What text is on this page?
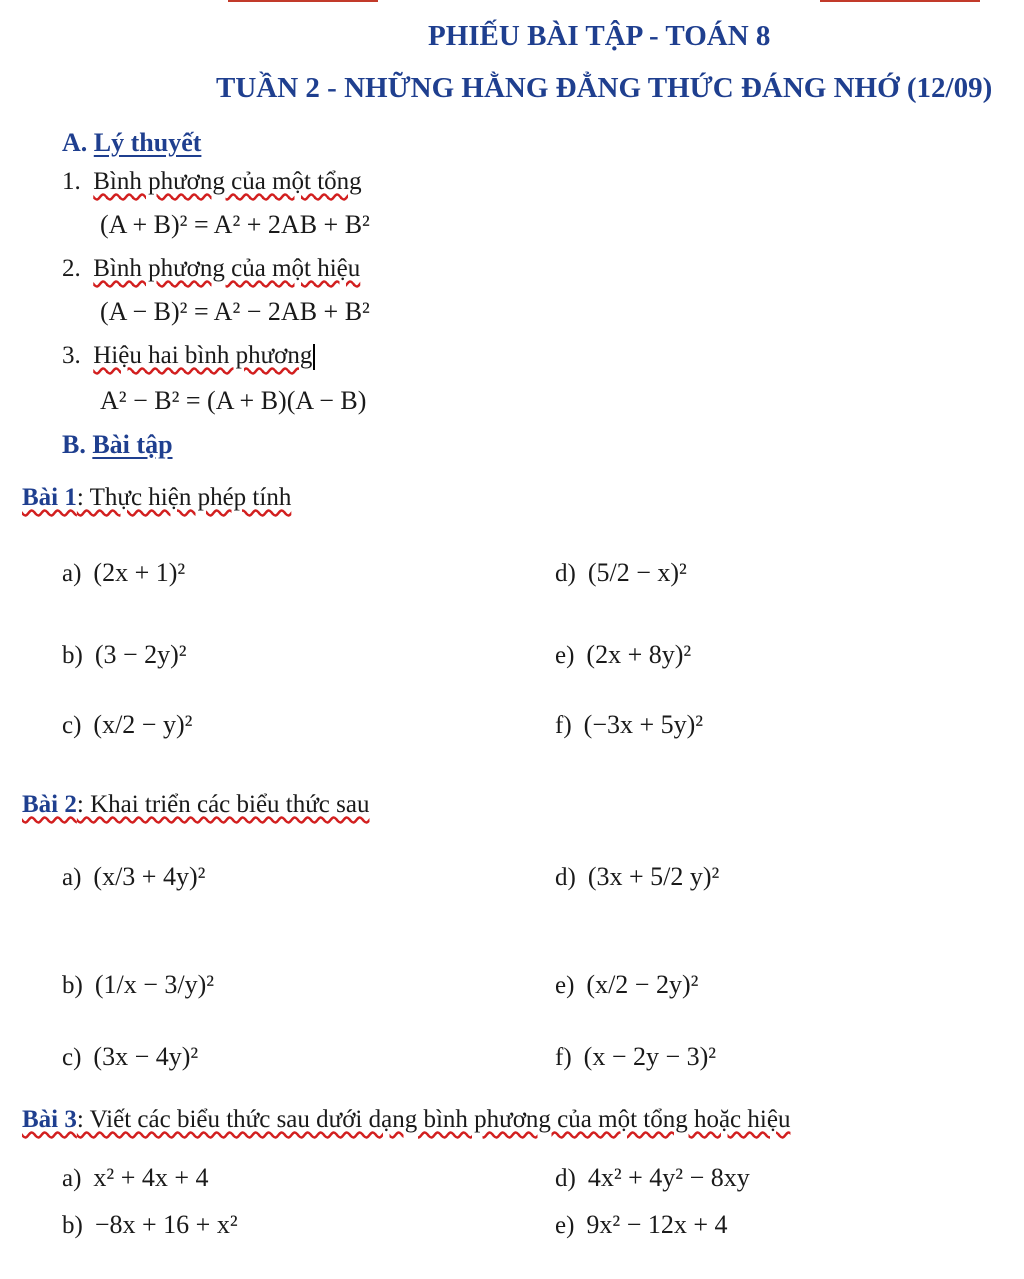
PHIẾU BÀI TẬP - TOÁN 8
TUẦN 2 - NHỮNG HẰNG ĐẲNG THỨC ĐÁNG NHỚ (12/09)
A. Lý thuyết
1. Bình phương của một tổng
(A + B)² = A² + 2AB + B²
2. Bình phương của một hiệu
(A − B)² = A² − 2AB + B²
3. Hiệu hai bình phương
A² − B² = (A + B)(A − B)
B. Bài tập
Bài 1: Thực hiện phép tính
a) (2x + 1)²	d) (5/2 − x)²
b) (3 − 2y)²	e) (2x + 8y)²
c) (x/2 − y)²	f) (−3x + 5y)²
Bài 2: Khai triển các biểu thức sau
a) (x/3 + 4y)²	d) (3x + 5/2 y)²
b) (1/x − 3/y)²	e) (x/2 − 2y)²
c) (3x − 4y)²	f) (x − 2y − 3)²
Bài 3: Viết các biểu thức sau dưới dạng bình phương của một tổng hoặc hiệu
a) x² + 4x + 4	d) 4x² + 4y² − 8xy
b) −8x + 16 + x²	e) 9x² − 12x + 4
